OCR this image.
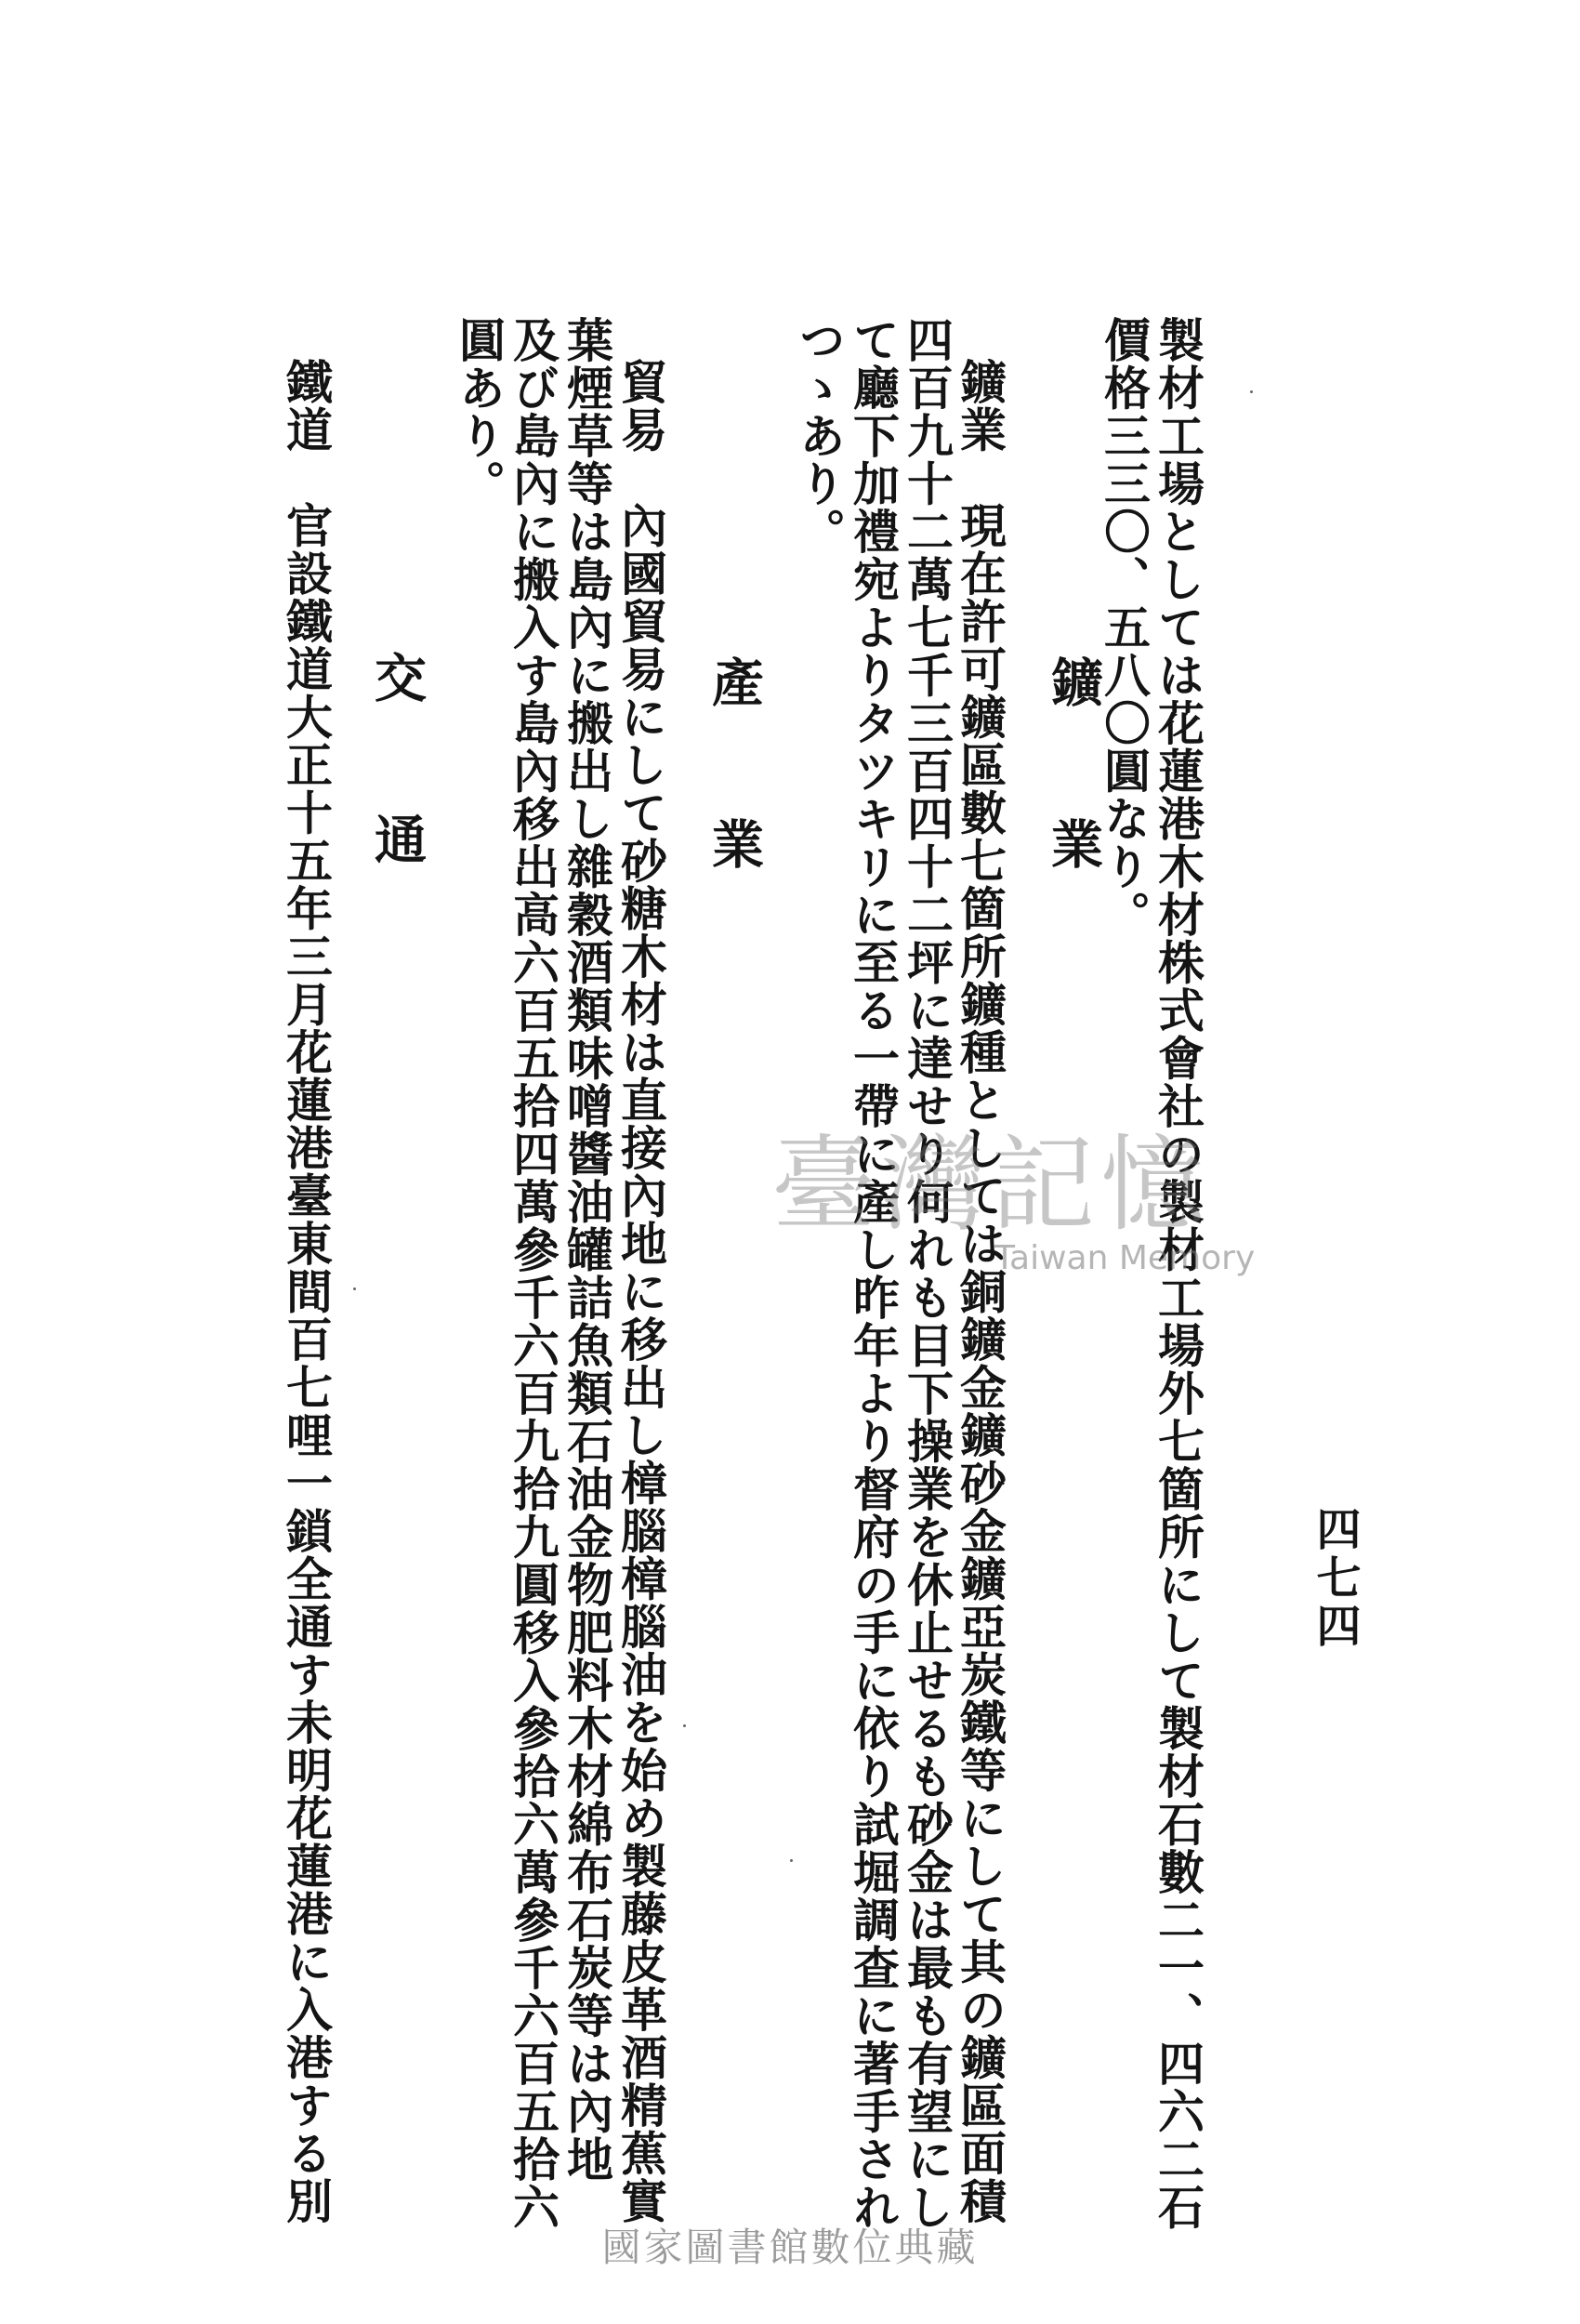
四七四
製材工場としては花蓮港木材株式會社の製材工場外七箇所にして製材石數二一、四六二石
價格三三〇、五八〇圓なり。
鑛業
鑛業　現在許可鑛區數七箇所鑛種としては銅鑛金鑛砂金鑛亞炭鐵等にして其の鑛區面積
四百九十二萬七千三百四十二坪に達せり何れも目下操業を休止せるも砂金は最も有望にし
て廳下加禮宛よりタツキリに至る一帶に產し昨年より督府の手に依り試堀調查に著手され
つゝあり。
產業
貿易　內國貿易にして砂糖木材は直接內地に移出し樟腦樟腦油を始め製藤皮革酒精蕉實
葉煙草等は島內に搬出し雜穀酒類味噌醬油罐詰魚類石油金物肥料木材綿布石炭等は內地
及び島內に搬入す島內移出高六百五拾四萬參千六百九拾九圓移入參拾六萬參千六百五拾六
圓あり。
交通
鐵道　官設鐵道大正十五年三月花蓮港臺東間百七哩一鎖全通す未明花蓮港に入港する別	臺灣記憶
Taiwan Memory
國家圖書館數位典藏
